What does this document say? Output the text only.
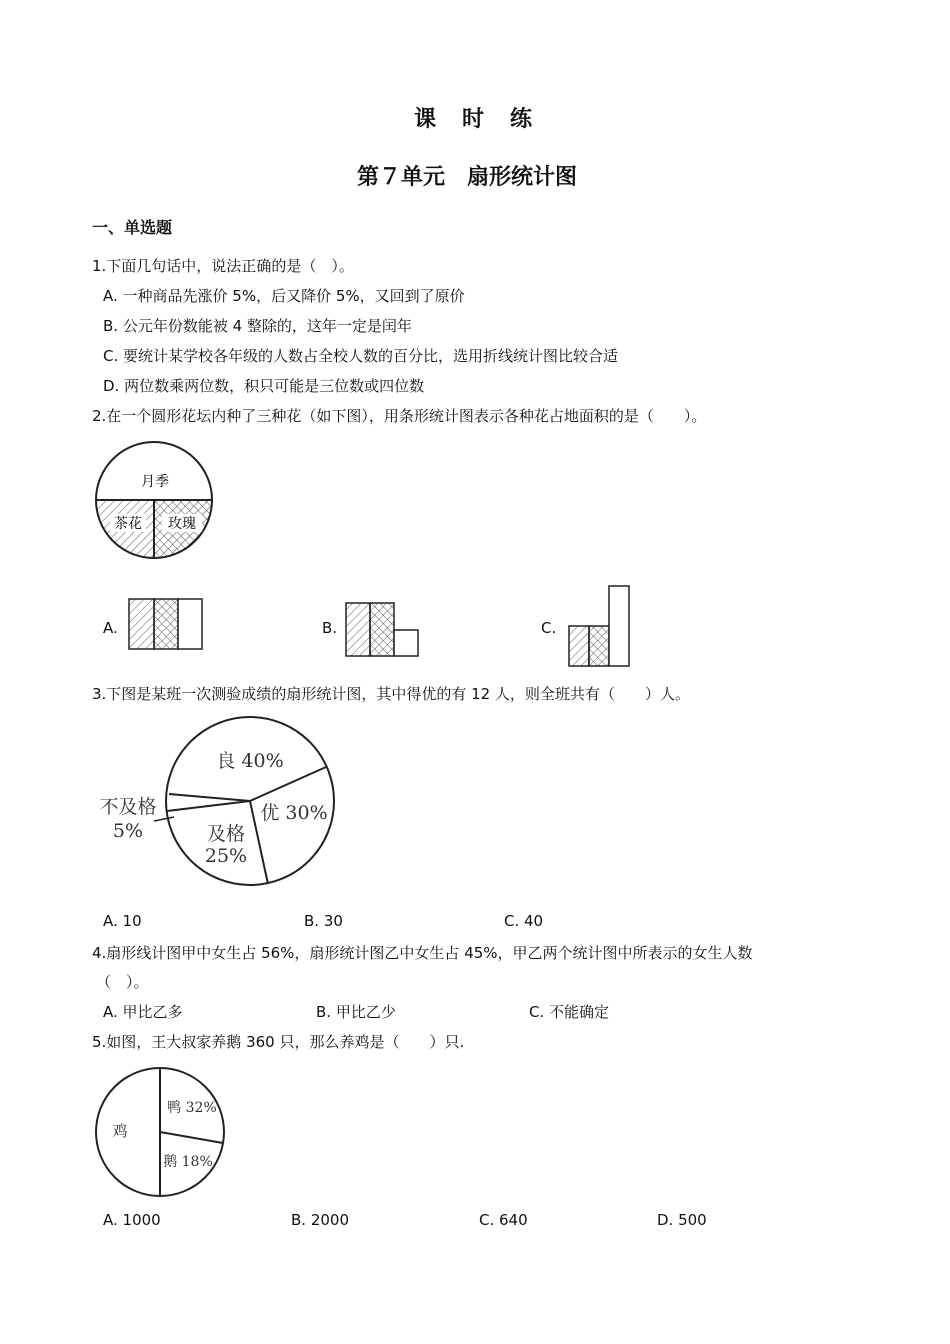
课　时　练
第７单元　扇形统计图
一、单选题
1.下面几句话中，说法正确的是（　）。
A. 一种商品先涨价 5%，后又降价 5%，又回到了原价
B. 公元年份数能被 4 整除的，这年一定是闰年
C. 要统计某学校各年级的人数占全校人数的百分比，选用折线统计图比较合适
D. 两位数乘两位数，积只可能是三位数或四位数
2.在一个圆形花坛内种了三种花（如下图），用条形统计图表示各种花占地面积的是（　　）。
月季
茶花 玫瑰
A.	B.	C.
3.下图是某班一次测验成绩的扇形统计图，其中得优的有 12 人，则全班共有（　　）人。
良 40%
优 30%
及格
25%
不及格
5%
A. 10	B. 30	C. 40
4.扇形线计图甲中女生占 56%，扇形统计图乙中女生占 45%，甲乙两个统计图中所表示的女生人数
（　）。
A. 甲比乙多	B. 甲比乙少	C. 不能确定
5.如图，王大叔家养鹅 360 只，那么养鸡是（　　）只.
鸡
鸭 32%
鹅 18%
A. 1000	B. 2000	C. 640	D. 500
